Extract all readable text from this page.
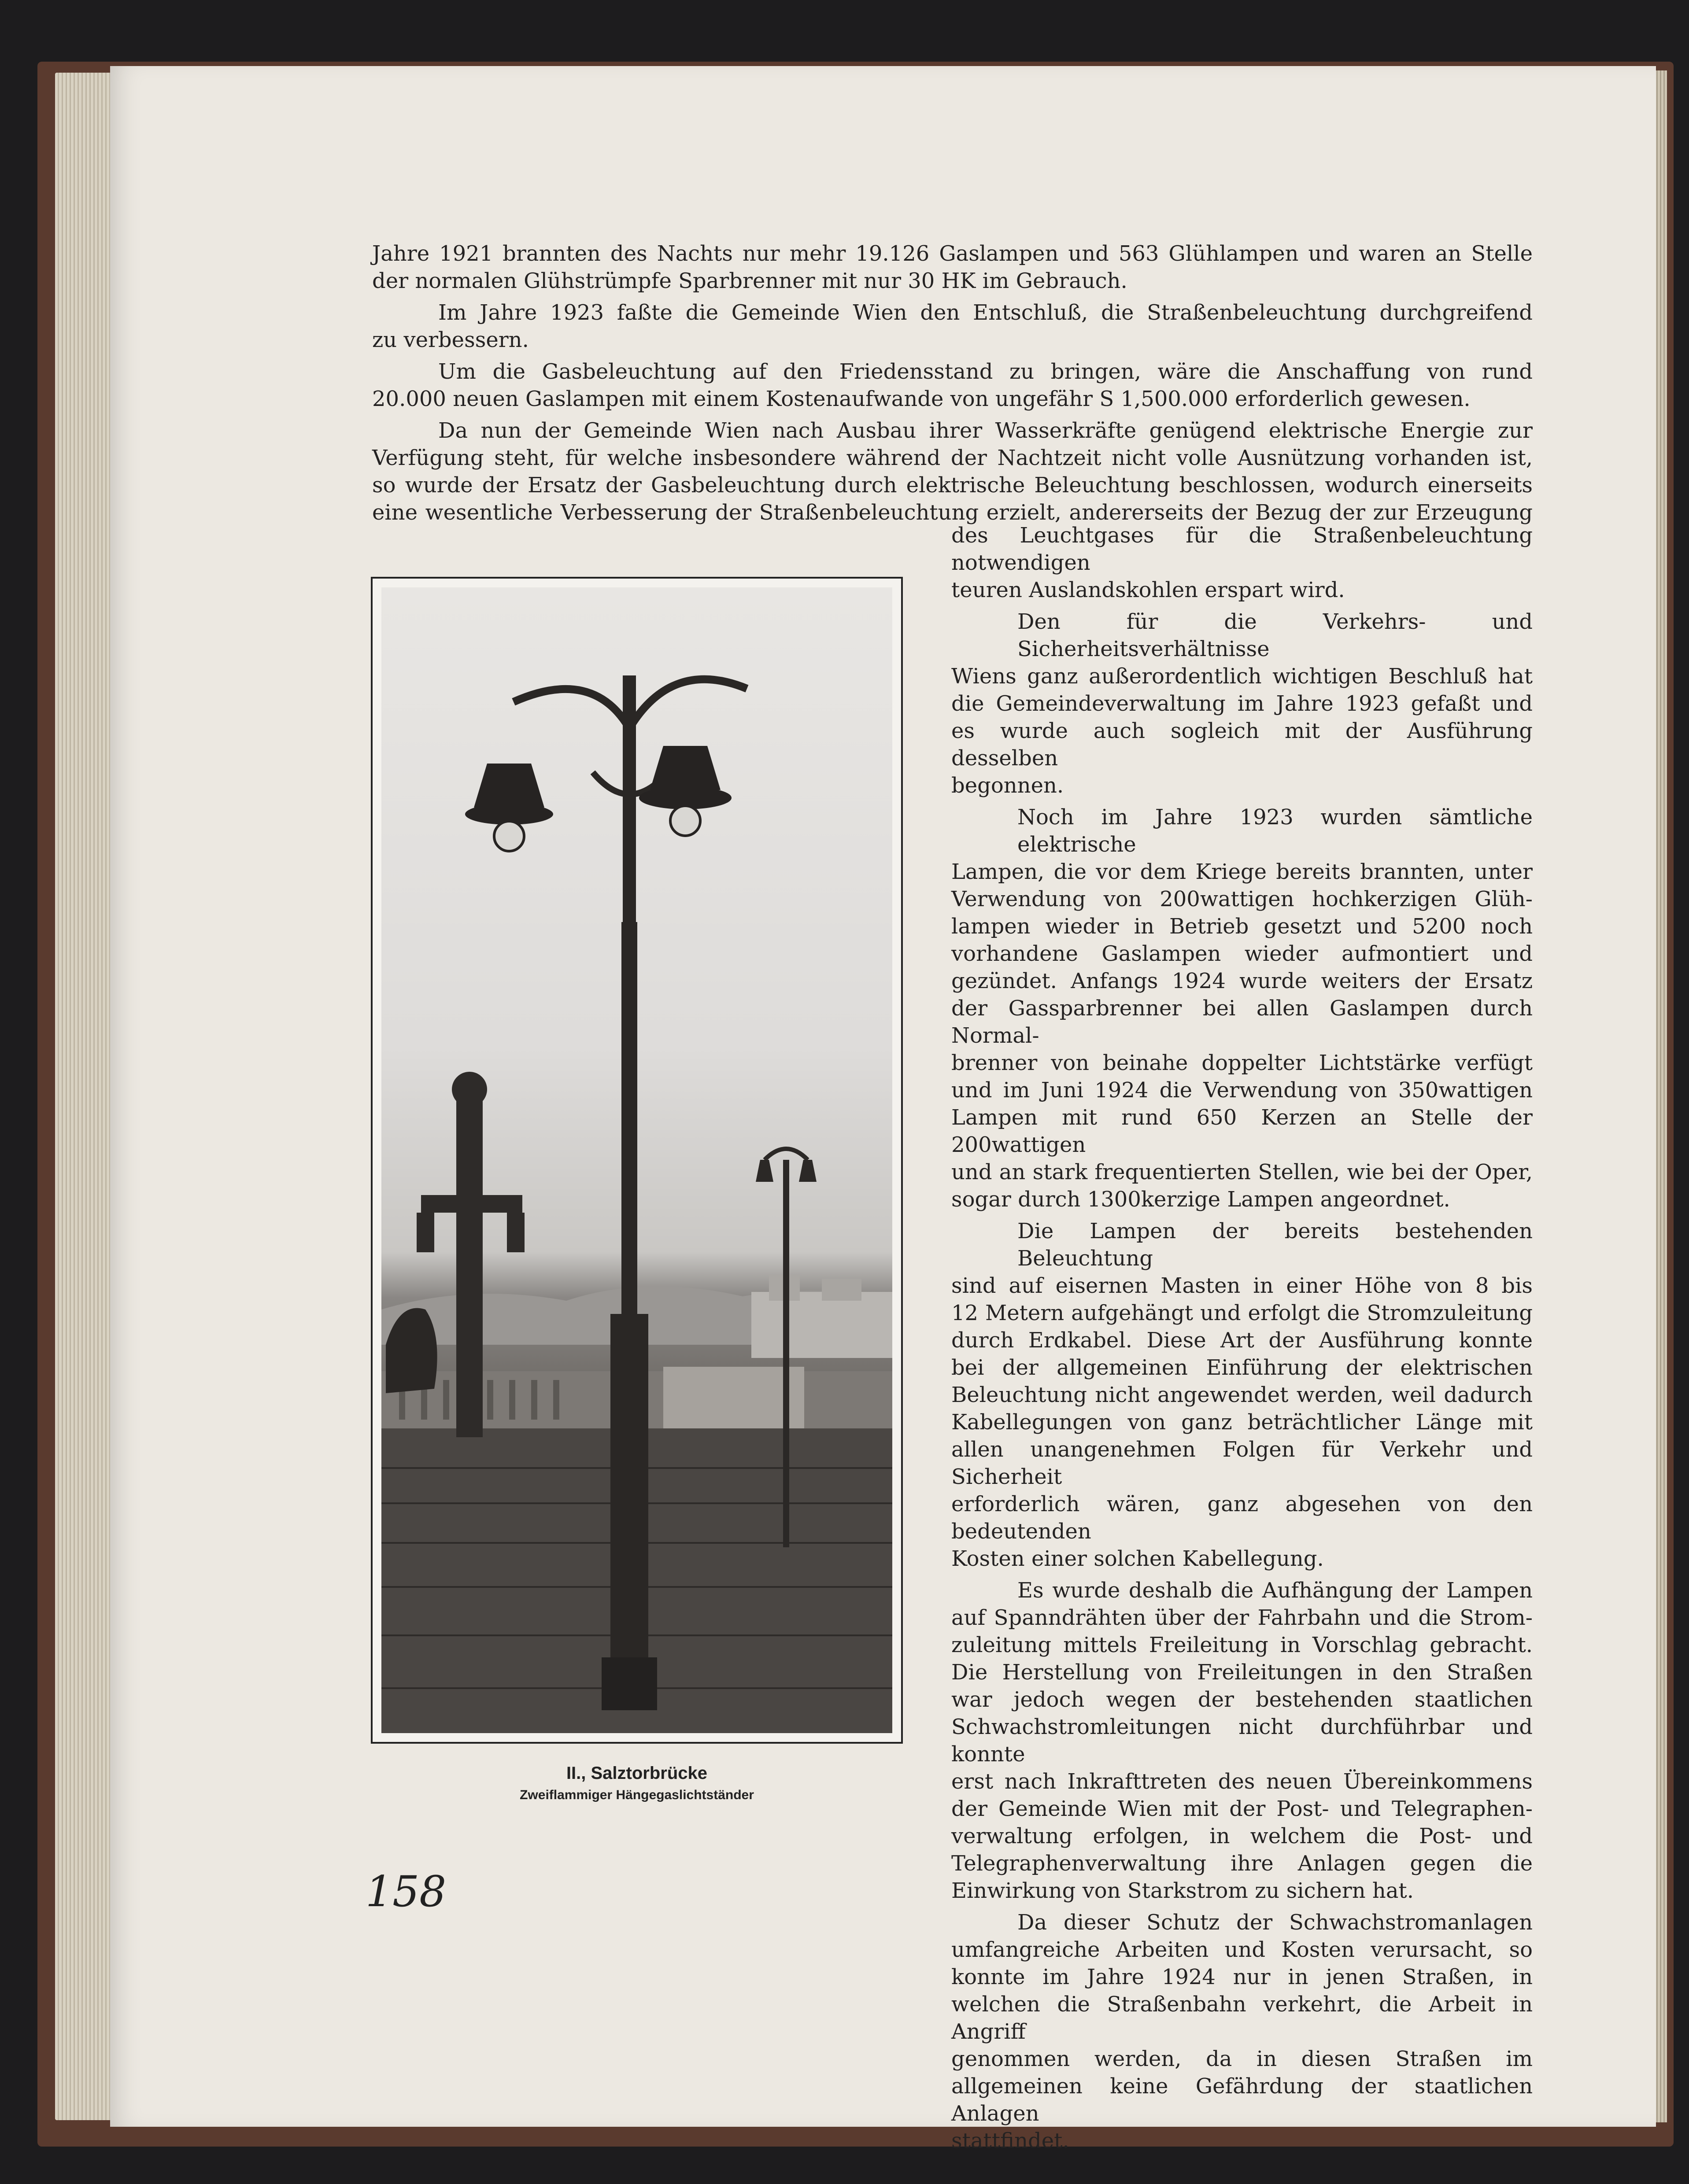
Jahre 1921 brannten des Nachts nur mehr 19.126 Gaslampen und 563 Glühlampen und waren an Stelle
der normalen Glühstrümpfe Sparbrenner mit nur 30 HK im Gebrauch.
Im Jahre 1923 faßte die Gemeinde Wien den Entschluß, die Straßenbeleuchtung durchgreifend
zu verbessern.
Um die Gasbeleuchtung auf den Friedensstand zu bringen, wäre die Anschaffung von rund
20.000 neuen Gaslampen mit einem Kostenaufwande von ungefähr S 1,500.000 erforderlich gewesen.
Da nun der Gemeinde Wien nach Ausbau ihrer Wasserkräfte genügend elektrische Energie zur
Verfügung steht, für welche insbesondere während der Nachtzeit nicht volle Ausnützung vorhanden ist,
so wurde der Ersatz der Gasbeleuchtung durch elektrische Beleuchtung beschlossen, wodurch einerseits
eine wesentliche Verbesserung der Straßenbeleuchtung erzielt, andererseits der Bezug der zur Erzeugung
des Leuchtgases für die Straßenbeleuchtung notwendigen
teuren Auslandskohlen erspart wird.
Den für die Verkehrs- und Sicherheitsverhältnisse
Wiens ganz außerordentlich wichtigen Beschluß hat
die Gemeindeverwaltung im Jahre 1923 gefaßt und
es wurde auch sogleich mit der Ausführung desselben
begonnen.
Noch im Jahre 1923 wurden sämtliche elektrische
Lampen, die vor dem Kriege bereits brannten, unter
Verwendung von 200wattigen hochkerzigen Glüh-
lampen wieder in Betrieb gesetzt und 5200 noch
vorhandene Gaslampen wieder aufmontiert und
gezündet. Anfangs 1924 wurde weiters der Ersatz
der Gassparbrenner bei allen Gaslampen durch Normal-
brenner von beinahe doppelter Lichtstärke verfügt
und im Juni 1924 die Verwendung von 350wattigen
Lampen mit rund 650 Kerzen an Stelle der 200wattigen
und an stark frequentierten Stellen, wie bei der Oper,
sogar durch 1300kerzige Lampen angeordnet.
Die Lampen der bereits bestehenden Beleuchtung
sind auf eisernen Masten in einer Höhe von 8 bis
12 Metern aufgehängt und erfolgt die Stromzuleitung
durch Erdkabel. Diese Art der Ausführung konnte
bei der allgemeinen Einführung der elektrischen
Beleuchtung nicht angewendet werden, weil dadurch
Kabellegungen von ganz beträchtlicher Länge mit
allen unangenehmen Folgen für Verkehr und Sicherheit
erforderlich wären, ganz abgesehen von den bedeutenden
Kosten einer solchen Kabellegung.
Es wurde deshalb die Aufhängung der Lampen
auf Spanndrähten über der Fahrbahn und die Strom-
zuleitung mittels Freileitung in Vorschlag gebracht.
Die Herstellung von Freileitungen in den Straßen
war jedoch wegen der bestehenden staatlichen
Schwachstromleitungen nicht durchführbar und konnte
erst nach Inkrafttreten des neuen Übereinkommens
der Gemeinde Wien mit der Post- und Telegraphen-
verwaltung erfolgen, in welchem die Post- und
Telegraphenverwaltung ihre Anlagen gegen die
Einwirkung von Starkstrom zu sichern hat.
Da dieser Schutz der Schwachstromanlagen
umfangreiche Arbeiten und Kosten verursacht, so
konnte im Jahre 1924 nur in jenen Straßen, in
welchen die Straßenbahn verkehrt, die Arbeit in Angriff
genommen werden, da in diesen Straßen im
allgemeinen keine Gefährdung der staatlichen Anlagen
stattfindet.
II., Salztorbrücke
Zweiflammiger Hängegaslichtständer
158
